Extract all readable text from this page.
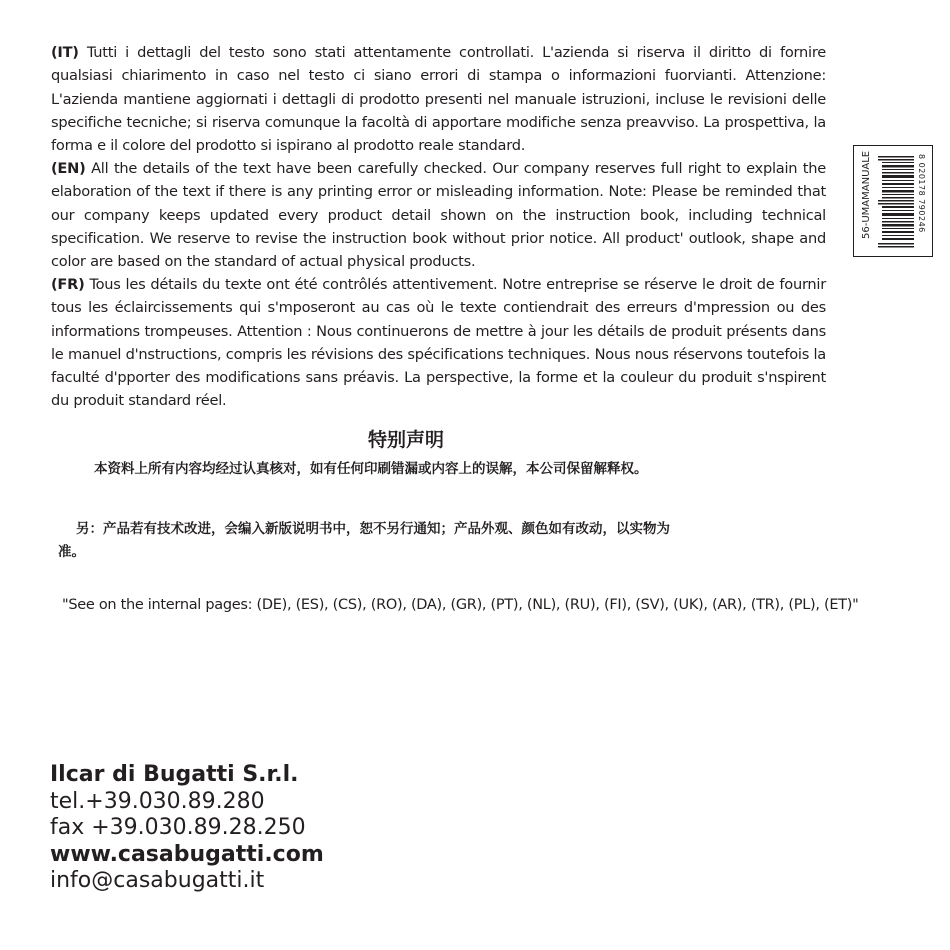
(IT) Tutti i dettagli del testo sono stati attentamente controllati. L'azienda si riserva il diritto di fornire qualsiasi chiarimento in caso nel testo ci siano errori di stampa o informazioni fuorvianti. Attenzione: L'azienda mantiene aggiornati i dettagli di prodotto presenti nel manuale istruzioni, incluse le revisioni delle specifiche tecniche; si riserva comunque la facoltà di apportare modifiche senza preavviso. La prospettiva, la forma e il colore del prodotto si ispirano al prodotto reale standard.

(EN) All the details of the text have been carefully checked. Our company reserves full right to explain the elaboration of the text if there is any printing error or misleading information. Note: Please be reminded that our company keeps updated every product detail shown on the instruction book, including technical specification. We reserve to revise the instruction book without prior notice. All product' outlook, shape and color are based on the standard of actual physical products.

(FR) Tous les détails du texte ont été contrôlés attentivement. Notre entreprise se réserve le droit de fournir tous les éclaircissements qui s'mposeront au cas où le texte contiendrait des erreurs d'mpression ou des informations trompeuses. Attention : Nous continuerons de mettre à jour les détails de produit présents dans le manuel d'nstructions, compris les révisions des spécifications techniques. Nous nous réservons toutefois la faculté d'pporter des modifications sans préavis. La perspective, la forme et la couleur du produit s'nspirent du produit standard réel.

特别声明

本资料上所有内容均经过认真核对，如有任何印刷错漏或内容上的误解，本公司保留解释权。

另：产品若有技术改进，会编入新版说明书中，恕不另行通知；产品外观、颜色如有改动，以实物为准。

"See on the internal pages: (DE), (ES), (CS), (RO), (DA), (GR), (PT), (NL), (RU), (FI), (SV), (UK), (AR), (TR), (PL), (ET)"

Ilcar di Bugatti S.r.l.
tel.+39.030.89.280
fax +39.030.89.28.250
www.casabugatti.com
info@casabugatti.it
56-UMAMANUALE	8 020178 790246
